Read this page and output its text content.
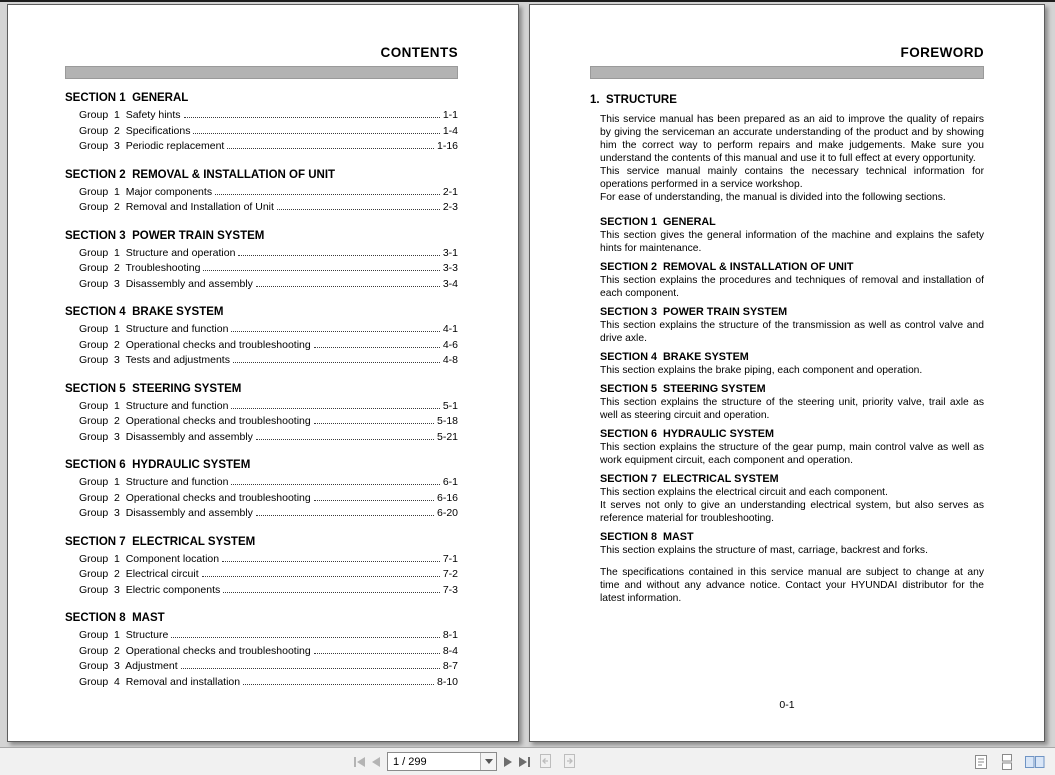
CONTENTS
SECTION 1  GENERAL
Group  1  Safety hints	1-1
Group  2  Specifications	1-4
Group  3  Periodic replacement	1-16
SECTION 2  REMOVAL & INSTALLATION OF UNIT
Group  1  Major components	2-1
Group  2  Removal and Installation of Unit	2-3
SECTION 3  POWER TRAIN SYSTEM
Group  1  Structure and operation	3-1
Group  2  Troubleshooting	3-3
Group  3  Disassembly and assembly	3-4
SECTION 4  BRAKE SYSTEM
Group  1  Structure and function	4-1
Group  2  Operational checks and troubleshooting	4-6
Group  3  Tests and adjustments	4-8
SECTION 5  STEERING SYSTEM
Group  1  Structure and function	5-1
Group  2  Operational checks and troubleshooting	5-18
Group  3  Disassembly and assembly	5-21
SECTION 6  HYDRAULIC SYSTEM
Group  1  Structure and function	6-1
Group  2  Operational checks and troubleshooting	6-16
Group  3  Disassembly and assembly	6-20
SECTION 7  ELECTRICAL SYSTEM
Group  1  Component location	7-1
Group  2  Electrical circuit	7-2
Group  3  Electric components	7-3
SECTION 8  MAST
Group  1  Structure	8-1
Group  2  Operational checks and troubleshooting	8-4
Group  3  Adjustment	8-7
Group  4  Removal and installation	8-10
FOREWORD
1.  STRUCTURE

This service manual has been prepared as an aid to improve the quality of repairs by giving the serviceman an accurate understanding of the product and by showing him the correct way to perform repairs and make judgements. Make sure you understand the contents of this manual and use it to full effect at every opportunity.

This service manual mainly contains the necessary technical information for operations performed in a service workshop.

For ease of understanding, the manual is divided into the following sections.

SECTION 1  GENERAL
This section gives the general information of the machine and explains the safety hints for maintenance.
SECTION 2  REMOVAL & INSTALLATION OF UNIT
This section explains the procedures and techniques of removal and installation of each component.
SECTION 3  POWER TRAIN SYSTEM
This section explains the structure of the transmission as well as control valve and drive axle.
SECTION 4  BRAKE SYSTEM
This section explains the brake piping, each component and operation.
SECTION 5  STEERING SYSTEM
This section explains the structure of the steering unit, priority valve, trail axle as well as steering circuit and operation.
SECTION 6  HYDRAULIC SYSTEM
This section explains the structure of the gear pump, main control valve as well as work equipment circuit, each component and operation.
SECTION 7  ELECTRICAL SYSTEM
This section explains the electrical circuit and each component.
It serves not only to give an understanding electrical system, but also serves as reference material for troubleshooting.
SECTION 8  MAST
This section explains the structure of mast, carriage, backrest and forks.
The specifications contained in this service manual are subject to change at any time and without any advance notice. Contact your HYUNDAI distributor for the latest information.
0-1
1 / 299
